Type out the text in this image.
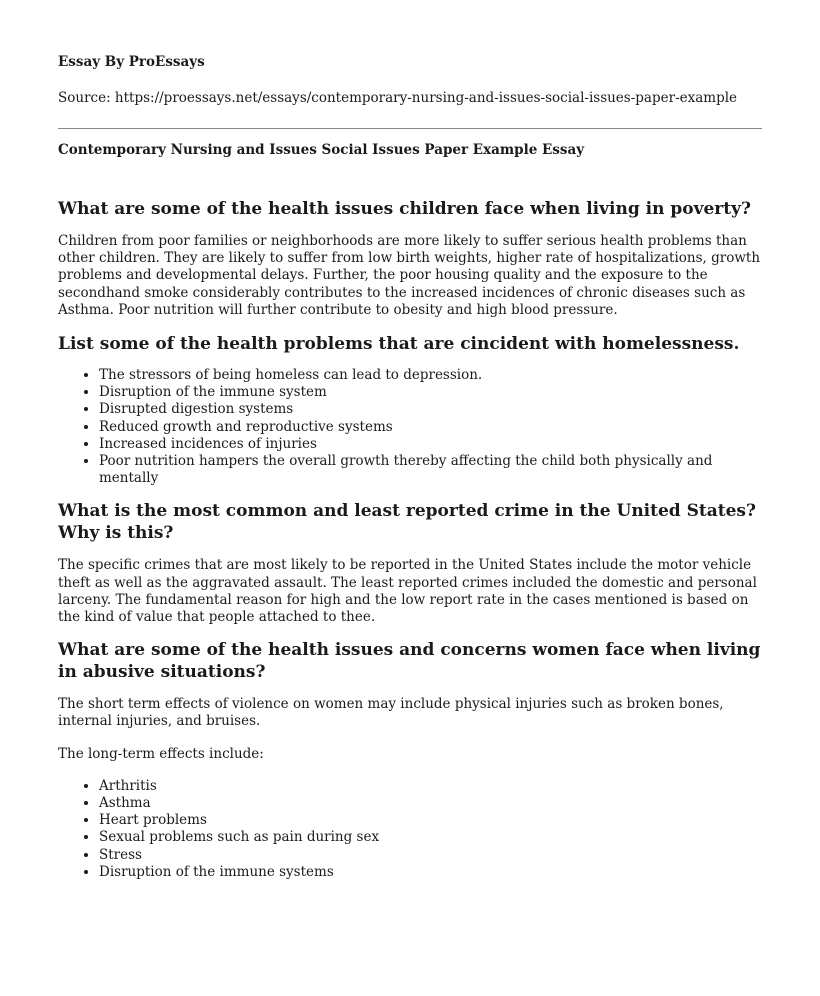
Essay By ProEssays

Source: https://proessays.net/essays/contemporary-nursing-and-issues-social-issues-paper-example

Contemporary Nursing and Issues Social Issues Paper Example Essay

What are some of the health issues children face when living in poverty?

Children from poor families or neighborhoods are more likely to suffer serious health problems than other children. They are likely to suffer from low birth weights, higher rate of hospitalizations, growth problems and developmental delays. Further, the poor housing quality and the exposure to the secondhand smoke considerably contributes to the increased incidences of chronic diseases such as Asthma. Poor nutrition will further contribute to obesity and high blood pressure.

List some of the health problems that are cincident with homelessness.
• The stressors of being homeless can lead to depression.
• Disruption of the immune system
• Disrupted digestion systems
• Reduced growth and reproductive systems
• Increased incidences of injuries
• Poor nutrition hampers the overall growth thereby affecting the child both physically and mentally
What is the most common and least reported crime in the United States? Why is this?

The specific crimes that are most likely to be reported in the United States include the motor vehicle theft as well as the aggravated assault. The least reported crimes included the domestic and personal larceny. The fundamental reason for high and the low report rate in the cases mentioned is based on the kind of value that people attached to thee.

What are some of the health issues and concerns women face when living in abusive situations?

The short term effects of violence on women may include physical injuries such as broken bones, internal injuries, and bruises.

The long-term effects include:

• Arthritis
• Asthma
• Heart problems
• Sexual problems such as pain during sex
• Stress
• Disruption of the immune systems
